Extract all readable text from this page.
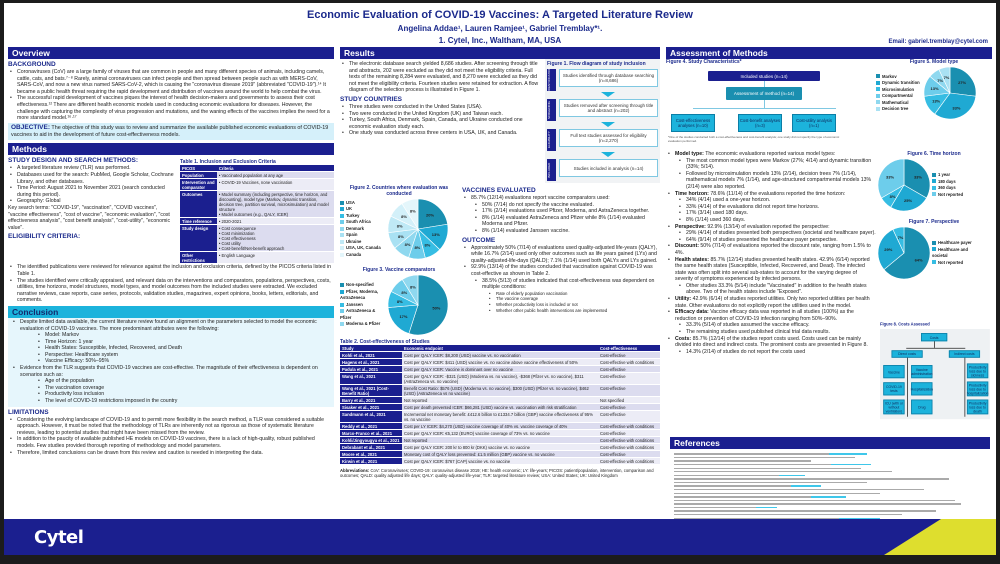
Economic Evaluation of COVID-19 Vaccines: A Targeted Literature Review
Angelina Addae¹, Lauren Ramjee¹, Gabriel Tremblay*¹.
1. Cytel, Inc., Waltham, MA, USA	Email: gabriel.tremblay@cytel.com
Overview
BACKGROUND
• Coronaviruses (CoV) are a large family of viruses that are common in people and many different species of animals, including camels, cattle, cats, and bats.⁷⁻⁸ Rarely, animal coronaviruses can infect people and then spread between people such as with MERS-CoV, SARS-CoV, and now a new virus named SARS-CoV-2, which is causing the "coronavirus disease 2019" (abbreviated "COVID-19").¹⁴ It became a public health threat requiring the rapid development and distribution of vaccines around the world to help combat the virus.
• The successful rapid development of vaccines piques the interest of health decision-makers and governments to assess their cost effectiveness.¹² There are different health economic models used in conducting economic evaluations for diseases. However, the challenge with capturing the complexity of virus progression and mutations, and the waning effects of the vaccines implies the need for a more standard model.¹⁶·¹⁷
OBJECTIVE: The objective of this study was to review and summarize the available published economic evaluations of COVID-19 vaccines to aid in the development of future cost-effectiveness models.
Methods
STUDY DESIGN AND SEARCH METHODS:
• A targeted literature review (TLR) was performed.
• Databases used for the search: PubMed, Google Scholar, Cochrane Library, and other databases.
• Time Period: August 2021 to November 2021 (search conducted during this period).
• Geography: Global

Key search terms: "COVID-19", "vaccination", "COVID vaccines", "vaccine effectiveness", "cost of vaccine", "economic evaluation", "cost effectiveness analysis", "cost benefit analysis", "cost-utility", "economic value".

ELIGIBILITY CRITERIA:
Table 1. Inclusion and Exclusion Criteria
PICOS	Criteria
Population	• Vaccinated population at any age
Intervention and comparator	• COVID-19 Vaccines, none vaccination
Outcomes	• Model summary (including perspective, time horizon, and discounting), model type (Markov, dynamic transition, decision tree, partition survival, microsimulation) and model structure
• Model outcomes (e.g., QALY, ICER)
Time reference	• 2020-2021
Study design	• Cost consequence
• Cost minimization
• Cost effectiveness
• Cost utility
• Cost-benefit/Net-benefit approach
Other restrictions	• English Language
• The identified publications were reviewed for relevance against the inclusion and exclusion criteria, defined by the PICOS criteria listed in Table 1.
• The studies identified were critically appraised, and relevant data on the interventions and comparators, populations, perspectives, costs, utilities, time horizons, model structures, model types, and model outcomes from the included studies were extracted. We excluded narrative reviews, case reports, case series, protocols, validation studies, magazines, expert opinions, books, letters, editorials, and comments.
Conclusion
• Despite limited data available, the current literature review found an alignment on the parameters selected to model the economic evaluation of COVID-19 vaccines. The more predominant attributes were the following:
• Model: Markov
• Time Horizon: 1 year
• Health States: Susceptible, Infected, Recovered, and Death
• Perspective: Healthcare system
• Vaccine Efficacy: 50%–95%
• Evidence from the TLR suggests that COVID-19 vaccines are cost-effective. The magnitude of their effectiveness is dependent on scenarios such as:
• Age of the population
• The vaccination coverage
• Productivity loss inclusion
• The level of COVID-19 restrictions imposed in the country
LIMITATIONS
• Considering the evolving landscape of COVID-19 and to permit more flexibility in the search method, a TLR was considered a suitable approach. However, it must be noted that the methodology of TLRs are inherently not as rigorous as those of systematic literature reviews, leading to potential studies that might have been missed from the review.
• In addition to the paucity of available published HE models on COVID-19 vaccines, there is a lack of high-quality, robust published models. Few studies provided thorough reporting of methodology and model parameters.
• Therefore, limited conclusions can be drawn from this review and caution is needed in interpreting the data.
Results
• The electronic database search yielded 8,686 studies. After screening through title and abstracts, 202 were excluded as they did not meet the eligibility criteria. Full texts of the remaining 8,284 were evaluated, and 8,270 were excluded as they did not meet the eligibility criteria. Fourteen studies were retained for extraction. A flow diagram of the selection process is illustrated in Figure 1.
STUDY COUNTRIES
• Three studies were conducted in the United States (USA).
• Two were conducted in the United Kingdom (UK) and Taiwan each.
• Turkey, South Africa, Denmark, Spain, Canada, and Ukraine conducted one economic evaluation study each.
• One study was conducted across three centers in USA, UK, and Canada.
Figure 1. Flow diagram of study inclusion
IDENTIFICATION	Studies identified through database searching (n=8,686)
SCREENING	Studies removed after screening through title and abstract (n=202)
ELIGIBILITY	Full text studies assessed for eligibility (n=2,270)
INCLUDED	Studies included in analysis (n=14)
Figure 2. Countries where evaluation was conducted
USA
UK
Turkey
South Africa
Denmark
Spain
Ukraine
USA, UK, Canada
Canada
20%
13%
8%
8%
8%
8%
8%
8%
8%
Figure 3. Vaccine comparators
Non-specified
Pfizer, Moderna, AstraZeneca
Janssen
AstraZeneca & Pfizer
Moderna & Pfizer
50%
17%
8%
8%
8%
VACCINES EVALUATED
• 85.7% (12/14) evaluations report vaccine comparators used:
• 50% (7/14) do not specify the vaccine evaluated.
• 17% (2/14) evaluations used Pfizer, Moderna, and AstraZeneca together.
• 8% (1/14) evaluated AstraZeneca and Pfizer while 8% (1/14) evaluated Moderna and Pfizer.
• 8% (1/14) evaluated Janssen vaccine.
OUTCOME
• Approximately 50% (7/14) of evaluations used quality-adjusted life-years (QALY), while 16.7% (2/14) used only other outcomes such as life years gained (LYs) and quality-adjusted-life-days (QALD); 7.1% (1/14) used both QALYs and LYs gained.
• 92.9% (13/14) of the studies concluded that vaccination against COVID-19 was cost-effective as shown in Table 2.
• 38.5% (5/13) of studies indicated that cost-effectiveness was dependent on multiple conditions:
• Rate of elderly population vaccination
• The vaccine coverage
• Whether productivity loss is included or not
• Whether other public health interventions are implemented
Table 2. Cost-effectiveness of Studies
Study	Economic endpoint	Cost-effectiveness
Kohli et al., 2021	Cost per QALY ICER: $8,200 (USD) vaccine vs. no vaccination	Cost-effective
Hagens et al., 2021	Cost per QALY ICER: $411 (USD) vaccine vs. no vaccine above vaccine effectiveness of 50%	Cost-effective with conditions
Padula et al., 2021	Cost per QALY ICER: Vaccine is dominant over no vaccine	Cost-effective
Wang et al., 2021	Cost per QALY ICER: -$321 (USD) (Moderna vs. no vaccine), -$368 (Pfizer vs. no vaccine), $311 (AstraZeneca vs. no vaccine)	Cost-effective
Wang et al., 2021 (Cost-Benefit Ratio)	Benefit Cost Ratio: $576 (USD) (Moderna vs. no vaccine), $300 (USD) (Pfizer vs. no vaccine), $462 (USD) (AstraZeneca vs no vaccine)	Cost-effective
Barry et al., 2021	Not reported	Not specified
Sisaker et al., 2021	Cost per death prevented ICER: $66,281 (USD) vaccine vs. vaccination with risk stratification	Cost-effective
Sandmann et al., 2021	Incremental net monetary benefit: £412.6 billion to £1334.7 billion (GBP) vaccine effectiveness of 95% vs. no vaccine	Cost-effective
Reddy et al., 2021	Cost per LY ICER: $4,270 (USD) vaccine coverage of 40% vs. vaccine coverage of 40%	Cost-effective with conditions
Marco-Franco et al., 2021	Cost per QALY ICER: €5,132 (EURO) vaccine coverage of 73% vs. no vaccine	Cost-effective
Kohli/Jingyougyu et al., 2021	Not reported	Cost-effective with conditions
Debrabant et al., 2021	Cost per QALY ICER: 200 kr to 800 kr (DKK) vaccine vs. no vaccine	Cost-effective with conditions
Moore et al., 2021	Monetary cost of QALY loss prevented: £1.5 million (GBP) vaccine vs. no vaccine	Cost-effective
Kirwin et al., 2021	Cost per QALY ICER: $767 (CAP) vaccine vs. no vaccine	Cost-effective with conditions

Abbreviations: CoV: Coronaviruses; COVID-19: coronavirus disease 2019; HE: health economic; LY: life-years; PICOS: patient/population, intervention, comparison and outcomes; QALD: quality adjusted life days; QALY: quality-adjusted life-year; TLR: targeted literature review; USA: United States; UK: United Kingdom

Assessment of Methods
Figure 4. Study Characteristics*
Included studies (n=14)
Assessment of method (n=14)
Cost-effectiveness analyses (n=10)
Cost-benefit analyses (n=3)
Cost-utility analysis (n=1)
*One of the studies conducted both a cost-effectiveness and cost-benefit analysis; one study did not specify the type of economic evaluation performed.
Figure 5. Model type
Markov
Dynamic transition
Microsimulation
Compartmental
Mathematical
Decision tree
27%
33%
13%
13%
7%
7%
• Model type: The economic evaluations reported various model types:
• The most common model types were Markov (27%; 4/14) and dynamic transition (33%; 5/14).
• Followed by microsimulation models 13% (2/14), decision trees 7% (1/14), mathematical models 7% (1/14), and age-structured compartmental models 13% (2/14) were also reported.
• Time horizon: 78.6% (11/14) of the evaluations reported the time horizon:
• 34% (4/14) used a one-year horizon.
• 33% (4/14) of the evaluations did not report time horizons.
• 17% (3/14) used 180 days.
• 8% (1/14) used 360 days.
• Perspective: 92.9% (13/14) of evaluation reported the perspective:
• 29% (4/14) of studies presented both perspectives (societal and healthcare payer).
• 64% (9/14) of studies presented the healthcare payer perspective.
• Discount: 50% (7/14) of evaluations reported the discount rate, ranging from 1.5% to 4%.
• Health states: 85.7% (12/14) studies presented health states. 42.9% (6/14) reported the same health states (Susceptible, Infected, Recovered, and Dead). The infected state was often split into several sub-states to account for the varying degree of severity of symptoms experienced by infected persons.
• Other studies 33.3% (5/14) include "Vaccinated" in addition to the health states above. Two of the health states include "Exposed".
• Utility: 42.9% (6/14) of studies reported utilities. Only two reported utilities per health state. Other evaluations do not explicitly report the utilities used in the model.
• Efficacy data: Vaccine efficacy data was reported in all studies (100%) as the reduction or prevention of COVID-19 infection ranging from 50%–90%.
• 33.3% (5/14) of studies assumed the vaccine efficacy.
• The remaining studies used published clinical trial data results.
• Costs: 85.7% (12/14) of the studies report costs used. Costs used can be mainly divided into direct and indirect costs. The prominent costs are presented in Figure 8.
• 14.3% (2/14) of studies do not report the costs used
Figure 6. Time horizon
33%
25%
8%
33%	1 year
180 days
360 days
Not reported
Figure 7. Perspective
64%
29%
7%
Healthcare payer
Healthcare and societal
Not reported
Figure 8. Costs Assessed
Costs
Direct costs	Indirect costs
Vaccine	Vaccine administration
COVID-19 tests	Hospitalization
ICU (with or without ventilation)
Drug
Productivity loss due to sickness
Productivity loss due to hospitalization
Productivity loss due to death
References
Cytel
